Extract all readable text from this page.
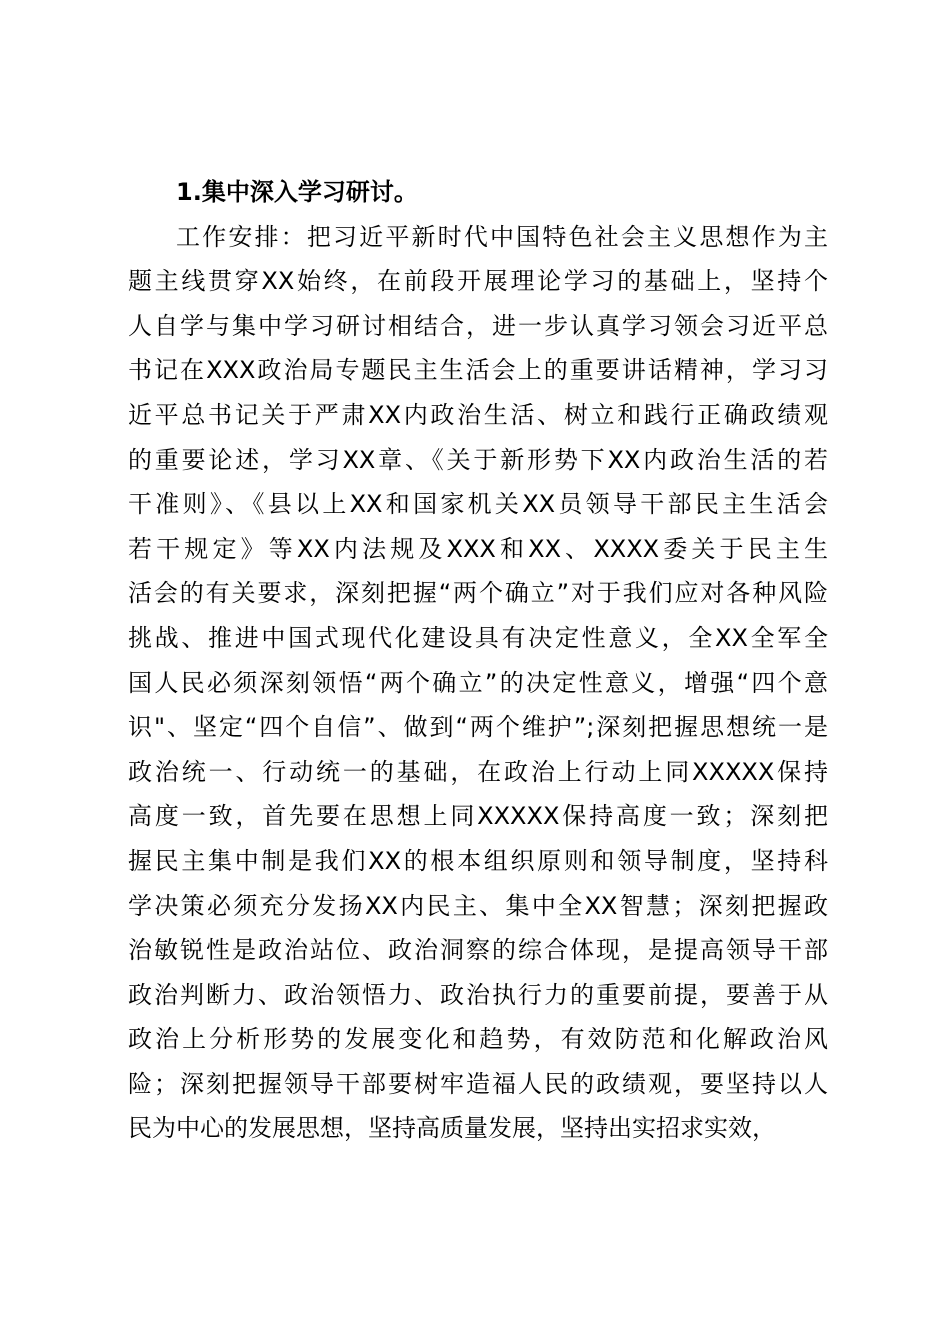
1.集中深入学习研讨。

工作安排：把习近平新时代中国特色社会主义思想作为主
题主线贯穿XX始终，在前段开展理论学习的基础上，坚持个
人自学与集中学习研讨相结合，进一步认真学习领会习近平总
书记在XXX政治局专题民主生活会上的重要讲话精神，学习习
近平总书记关于严肃XX内政治生活、树立和践行正确政绩观
的重要论述，学习XX章、《关于新形势下XX内政治生活的若
干准则》、《县以上XX和国家机关XX员领导干部民主生活会
若干规定》等XX内法规及XXX和XX、XXXX委关于民主生
活会的有关要求，深刻把握“两个确立”对于我们应对各种风险
挑战、推进中国式现代化建设具有决定性意义，全XX全军全
国人民必须深刻领悟“两个确立”的决定性意义，增强“四个意
识"、坚定“四个自信”、做到“两个维护”;深刻把握思想统一是
政治统一、行动统一的基础，在政治上行动上同XXXXX保持
高度一致，首先要在思想上同XXXXX保持高度一致；深刻把
握民主集中制是我们XX的根本组织原则和领导制度，坚持科
学决策必须充分发扬XX内民主、集中全XX智慧；深刻把握政
治敏锐性是政治站位、政治洞察的综合体现，是提高领导干部
政治判断力、政治领悟力、政治执行力的重要前提，要善于从
政治上分析形势的发展变化和趋势，有效防范和化解政治风
险；深刻把握领导干部要树牢造福人民的政绩观，要坚持以人
民为中心的发展思想，坚持高质量发展，坚持出实招求实效，
